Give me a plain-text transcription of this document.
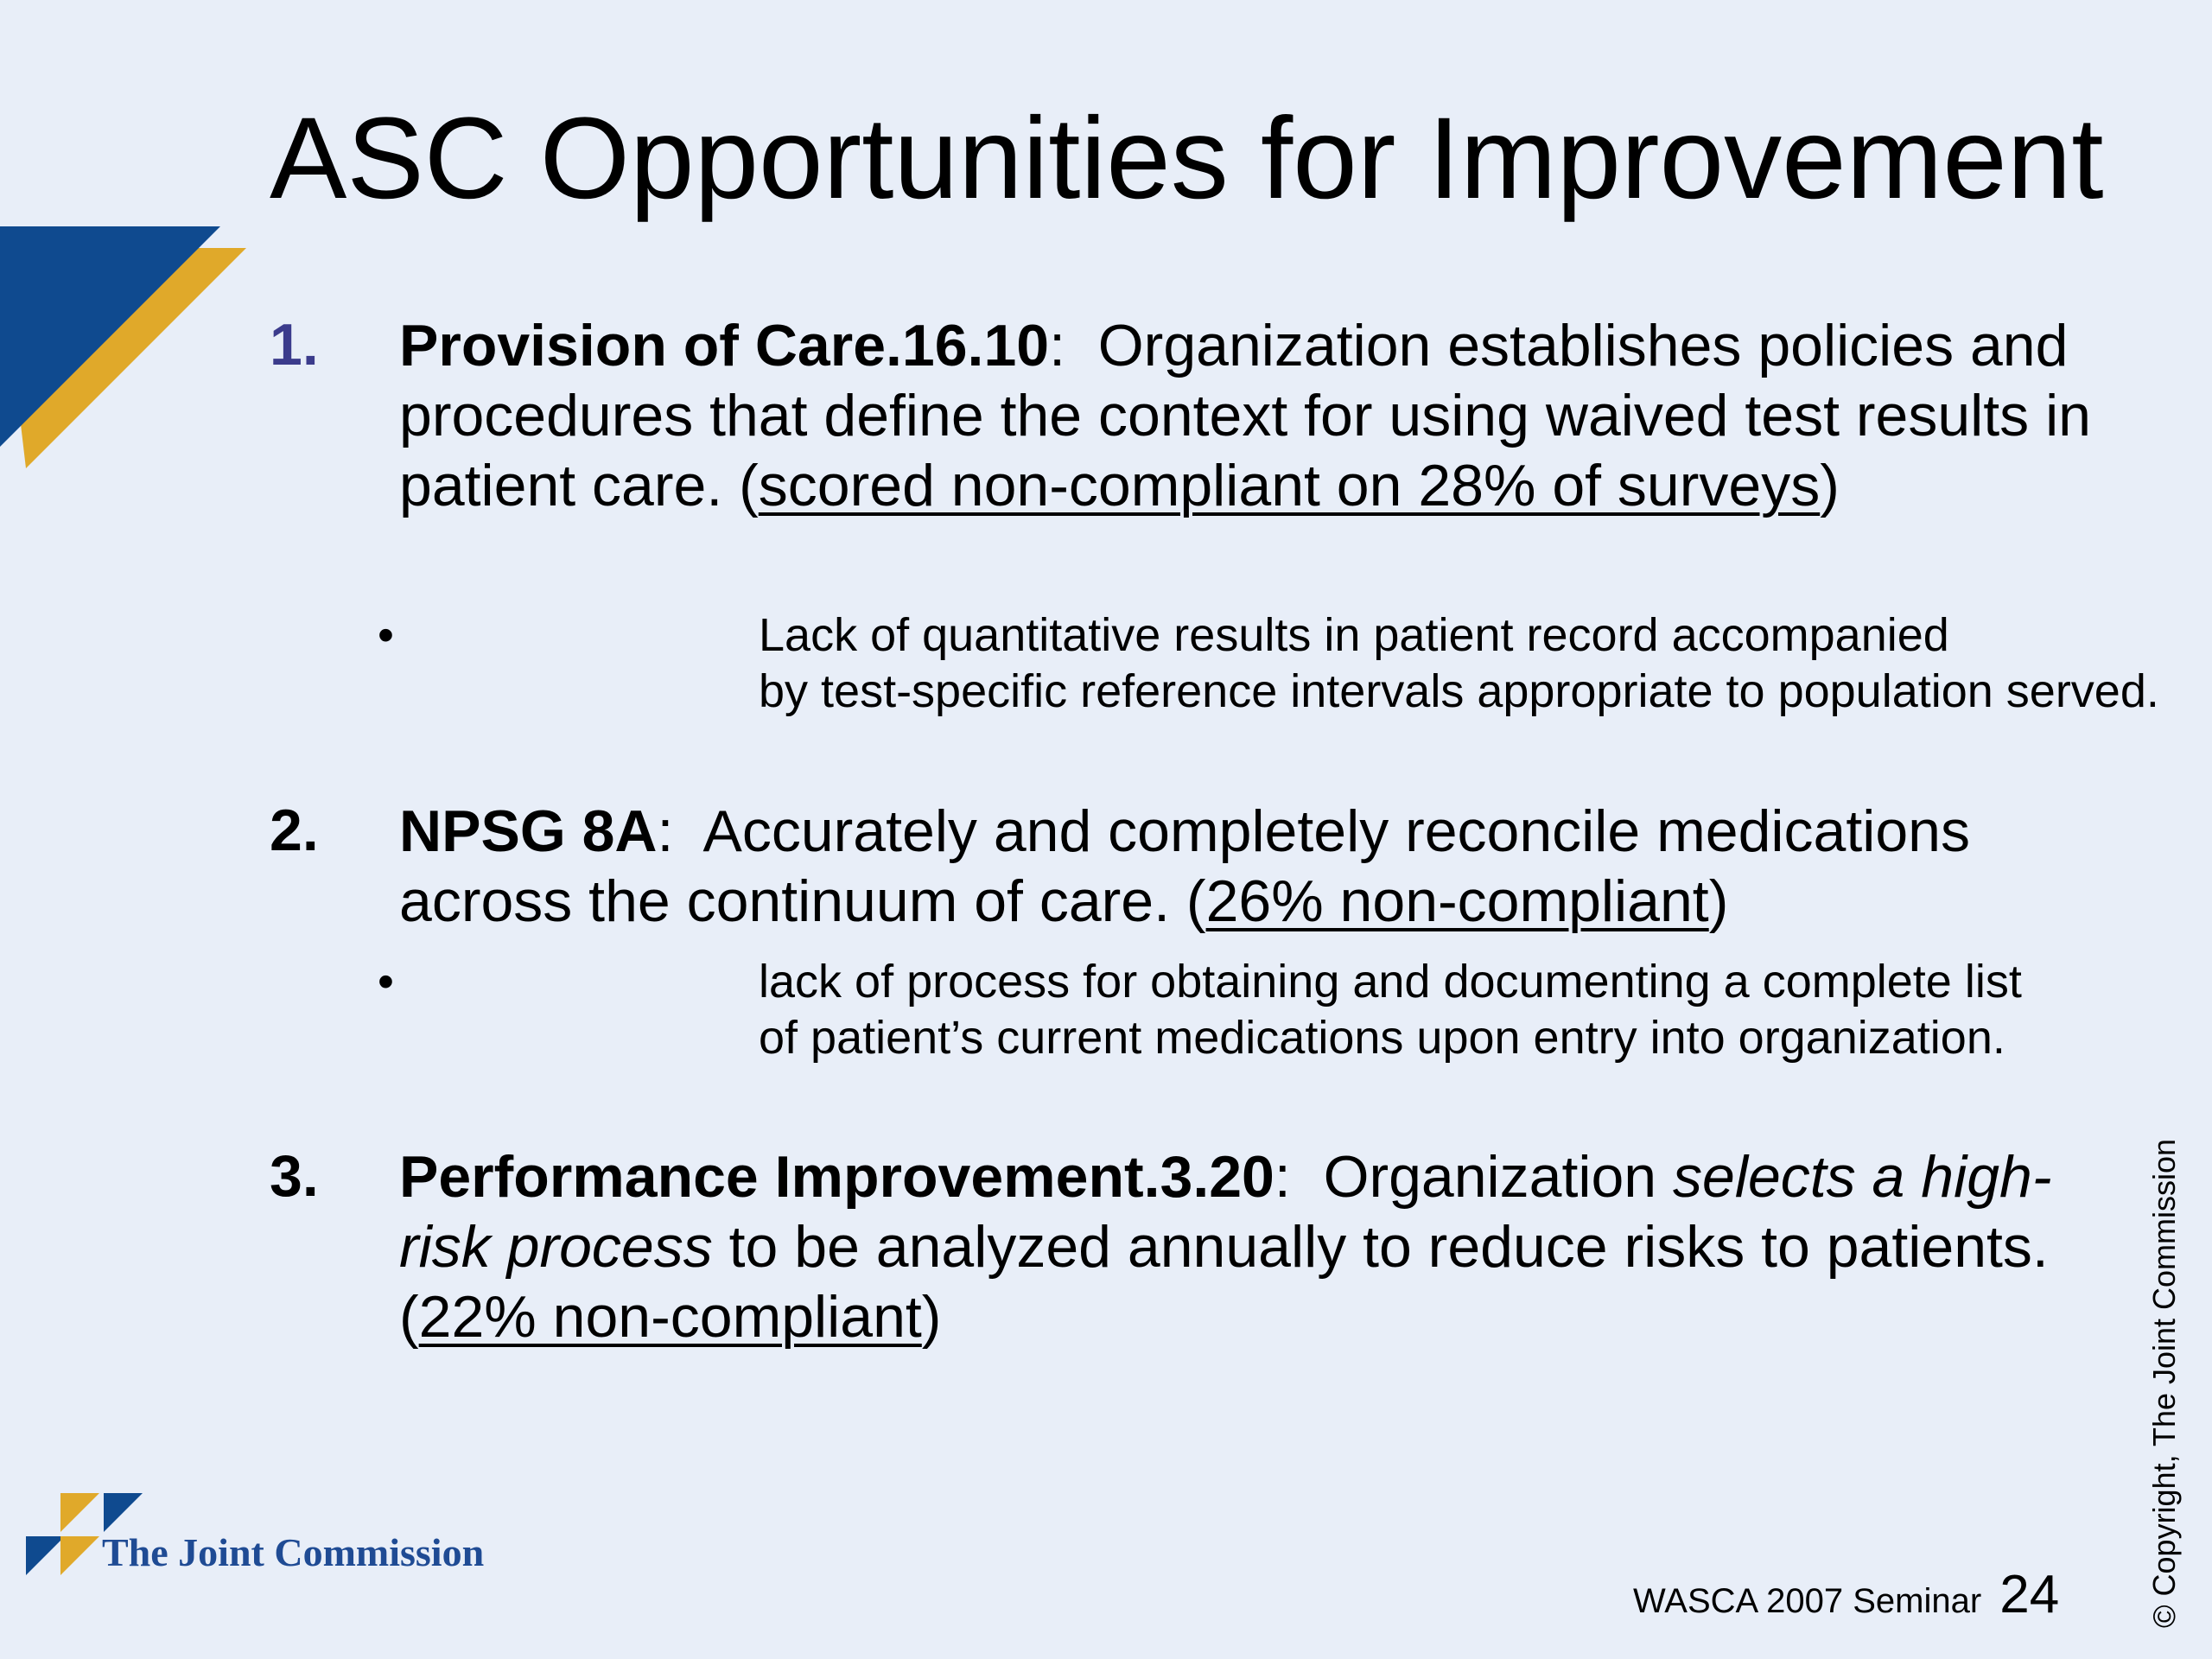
ASC Opportunities for Improvement
1. Provision of Care.16.10:  Organization establishes policies and procedures that define the context for using waived test results in patient care. (scored non-compliant on 28% of surveys)
•	Lack of quantitative results in patient record accompanied
by test-specific reference intervals appropriate to population served.
2. NPSG 8A:  Accurately and completely reconcile medications across the continuum of care. (26% non-compliant)
•	lack of process for obtaining and documenting a complete list
of patient’s current medications upon entry into organization.
3. Performance Improvement.3.20:  Organization selects a high-risk process to be analyzed annually to reduce risks to patients. (22% non-compliant)
The Joint Commission
WASCA 2007 Seminar 24	© Copyright, The Joint Commission
